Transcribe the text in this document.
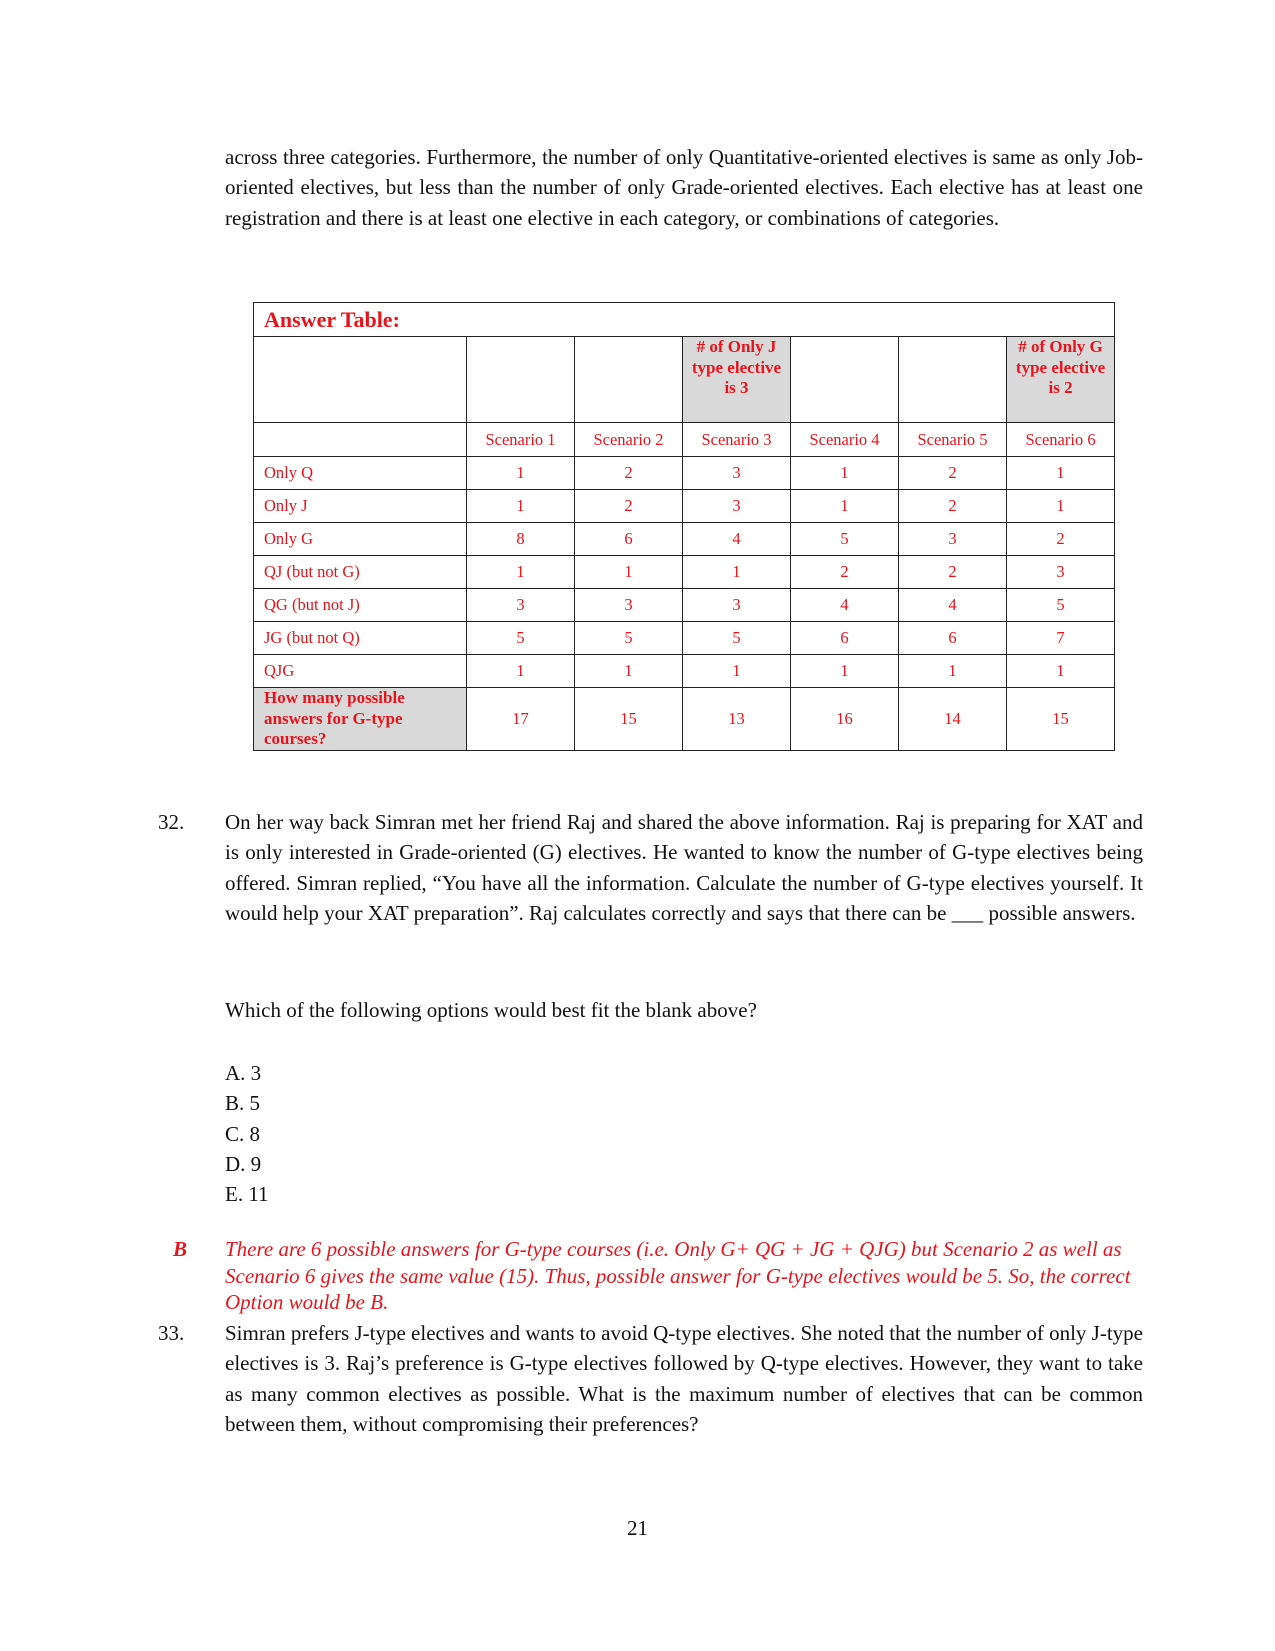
across three categories. Furthermore, the number of only Quantitative-oriented electives is same as only Job-oriented electives, but less than the number of only Grade-oriented electives. Each elective has at least one registration and there is at least one elective in each category, or combinations of categories.

Answer Table:						
			# of Only J type elective is 3			# of Only G type elective is 2
	Scenario 1	Scenario 2	Scenario 3	Scenario 4	Scenario 5	Scenario 6
Only Q	1	2	3	1	2	1
Only J	1	2	3	1	2	1
Only G	8	6	4	5	3	2
QJ (but not G)	1	1	1	2	2	3
QG (but not J)	3	3	3	4	4	5
JG (but not Q)	5	5	5	6	6	7
QJG	1	1	1	1	1	1
How many possible answers for G-type courses?	17	15	13	16	14	15
32. On her way back Simran met her friend Raj and shared the above information. Raj is preparing for XAT and is only interested in Grade-oriented (G) electives. He wanted to know the number of G-type electives being offered. Simran replied, “You have all the information. Calculate the number of G-type electives yourself. It would help your XAT preparation”. Raj calculates correctly and says that there can be ___ possible answers.

Which of the following options would best fit the blank above?

A. 3
B. 5
C. 8
D. 9
E. 11
B There are 6 possible answers for G-type courses (i.e. Only G+ QG + JG + QJG) but Scenario 2 as well as Scenario 6 gives the same value (15). Thus, possible answer for G-type electives would be 5. So, the correct Option would be B.

33. Simran prefers J-type electives and wants to avoid Q-type electives. She noted that the number of only J-type electives is 3. Raj’s preference is G-type electives followed by Q-type electives. However, they want to take as many common electives as possible. What is the maximum number of electives that can be common between them, without compromising their preferences?

21
